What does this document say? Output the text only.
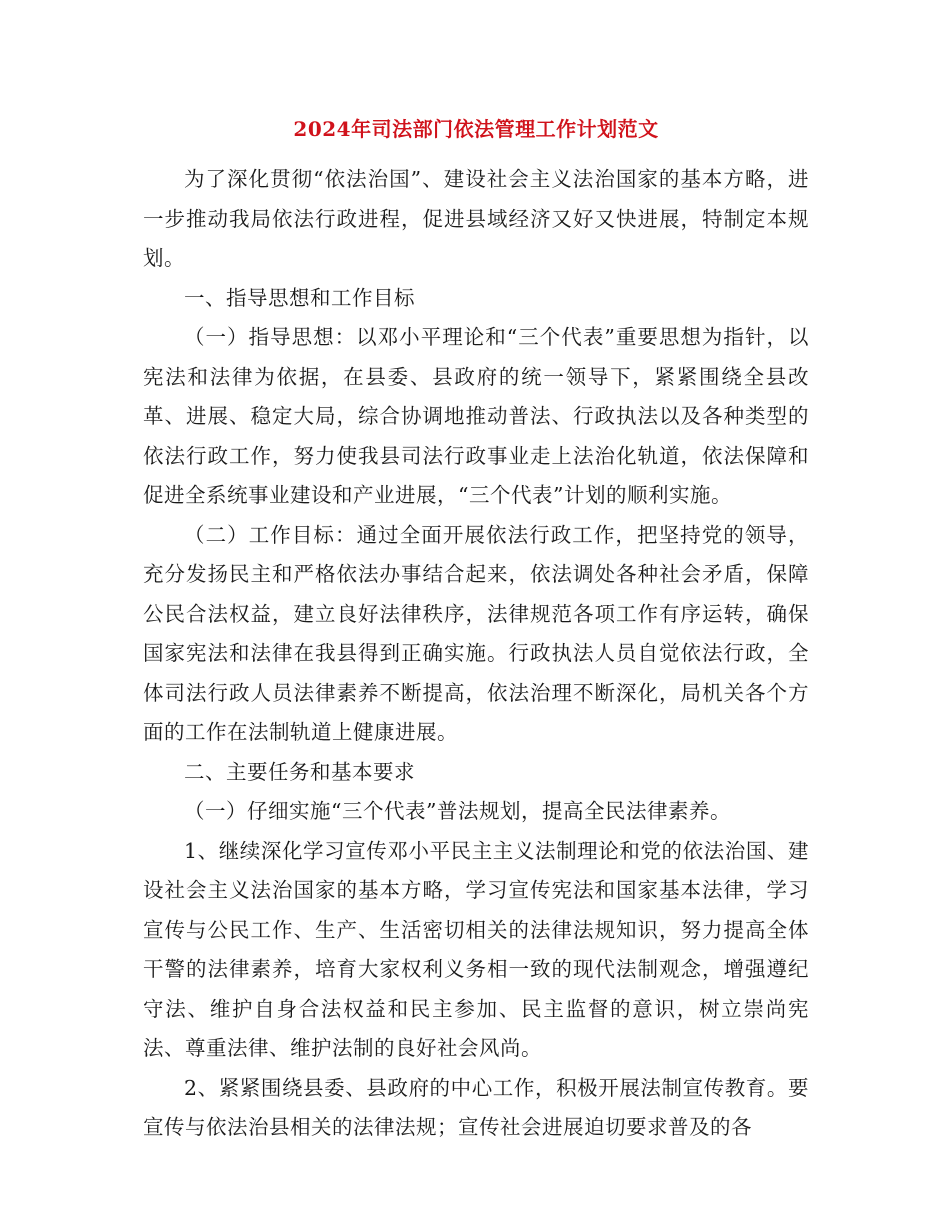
2024年司法部门依法管理工作计划范文

为了深化贯彻“依法治国”、建设社会主义法治国家的基本方略，进一步推动我局依法行政进程，促进县域经济又好又快进展，特制定本规划。

一、指导思想和工作目标

（一）指导思想：以邓小平理论和“三个代表”重要思想为指针，以宪法和法律为依据，在县委、县政府的统一领导下，紧紧围绕全县改革、进展、稳定大局，综合协调地推动普法、行政执法以及各种类型的依法行政工作，努力使我县司法行政事业走上法治化轨道，依法保障和促进全系统事业建设和产业进展，“三个代表”计划的顺利实施。

（二）工作目标：通过全面开展依法行政工作，把坚持党的领导，充分发扬民主和严格依法办事结合起来，依法调处各种社会矛盾，保障公民合法权益，建立良好法律秩序，法律规范各项工作有序运转，确保国家宪法和法律在我县得到正确实施。行政执法人员自觉依法行政，全体司法行政人员法律素养不断提高，依法治理不断深化，局机关各个方面的工作在法制轨道上健康进展。

二、主要任务和基本要求

（一）仔细实施“三个代表”普法规划，提高全民法律素养。

1、继续深化学习宣传邓小平民主主义法制理论和党的依法治国、建设社会主义法治国家的基本方略，学习宣传宪法和国家基本法律，学习宣传与公民工作、生产、生活密切相关的法律法规知识，努力提高全体干警的法律素养，培育大家权利义务相一致的现代法制观念，增强遵纪守法、维护自身合法权益和民主参加、民主监督的意识，树立崇尚宪法、尊重法律、维护法制的良好社会风尚。

2、紧紧围绕县委、县政府的中心工作，积极开展法制宣传教育。要宣传与依法治县相关的法律法规；宣传社会进展迫切要求普及的各
